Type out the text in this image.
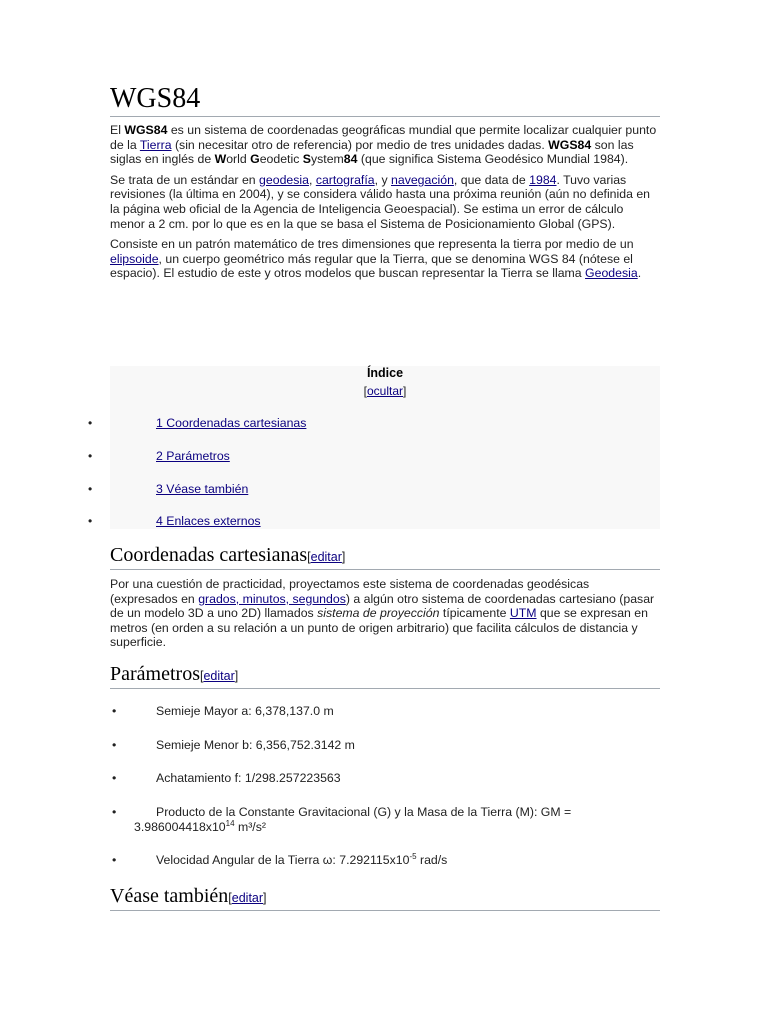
WGS84

El WGS84 es un sistema de coordenadas geográficas mundial que permite localizar cualquier punto de la Tierra (sin necesitar otro de referencia) por medio de tres unidades dadas. WGS84 son las siglas en inglés de World Geodetic System84 (que significa Sistema Geodésico Mundial 1984).

Se trata de un estándar en geodesia, cartografía, y navegación, que data de 1984. Tuvo varias revisiones (la última en 2004), y se considera válido hasta una próxima reunión (aún no definida en la página web oficial de la Agencia de Inteligencia Geoespacial). Se estima un error de cálculo menor a 2 cm. por lo que es en la que se basa el Sistema de Posicionamiento Global (GPS).

Consiste en un patrón matemático de tres dimensiones que representa la tierra por medio de un elipsoide, un cuerpo geométrico más regular que la Tierra, que se denomina WGS 84 (nótese el espacio). El estudio de este y otros modelos que buscan representar la Tierra se llama Geodesia.

Índice
[ocultar]
•	1 Coordenadas cartesianas
•	2 Parámetros
•	3 Véase también
•	4 Enlaces externos
Coordenadas cartesianas[editar]

Por una cuestión de practicidad, proyectamos este sistema de coordenadas geodésicas (expresados en grados, minutos, segundos) a algún otro sistema de coordenadas cartesiano (pasar de un modelo 3D a uno 2D) llamados sistema de proyección típicamente UTM que se expresan en metros (en orden a su relación a un punto de origen arbitrario) que facilita cálculos de distancia y superficie.

Parámetros[editar]
•	Semieje Mayor a: 6,378,137.0 m
•	Semieje Menor b: 6,356,752.3142 m
•	Achatamiento f: 1/298.257223563
•	Producto de la Constante Gravitacional (G) y la Masa de la Tierra (M): GM =
$3.986004418x10^{14}$ m³/s²
•	Velocidad Angular de la Tierra ω: $7.292115x10^{-5}$ rad/s
Véase también[editar]
